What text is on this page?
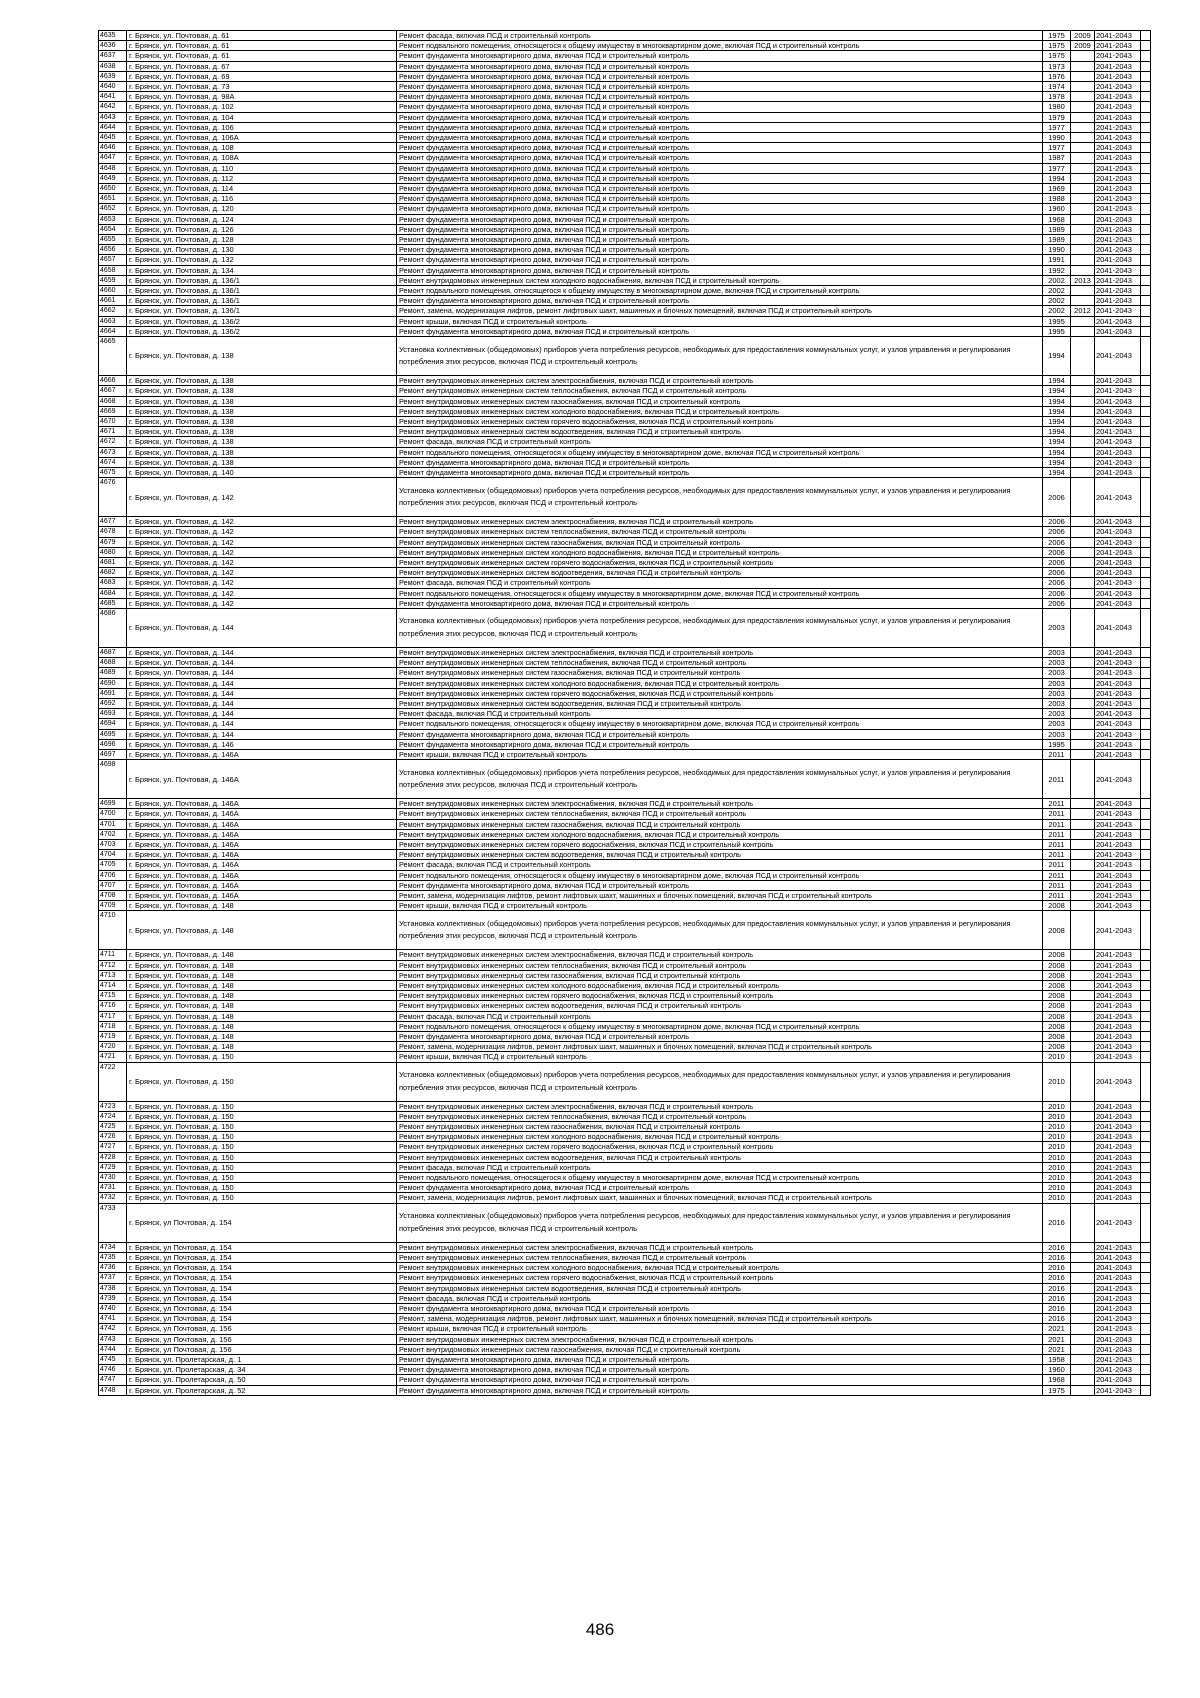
4635	г. Брянск, ул. Почтовая, д. 61	Ремонт фасада, включая ПСД и строительный контроль	1975	2009	2041-2043	
4636	г. Брянск, ул. Почтовая, д. 61	Ремонт подвального помещения, относящегося к общему имуществу в многоквартирном доме, включая ПСД и строительный контроль	1975	2009	2041-2043	
4637	г. Брянск, ул. Почтовая, д. 61	Ремонт фундамента многоквартирного дома, включая ПСД и строительный контроль	1975		2041-2043	
4638	г. Брянск, ул. Почтовая, д. 67	Ремонт фундамента многоквартирного дома, включая ПСД и строительный контроль	1973		2041-2043	
4639	г. Брянск, ул. Почтовая, д. 69	Ремонт фундамента многоквартирного дома, включая ПСД и строительный контроль	1976		2041-2043	
4640	г. Брянск, ул. Почтовая, д. 73	Ремонт фундамента многоквартирного дома, включая ПСД и строительный контроль	1974		2041-2043	
4641	г. Брянск, ул. Почтовая, д. 98А	Ремонт фундамента многоквартирного дома, включая ПСД и строительный контроль	1978		2041-2043	
4642	г. Брянск, ул. Почтовая, д. 102	Ремонт фундамента многоквартирного дома, включая ПСД и строительный контроль	1980		2041-2043	
4643	г. Брянск, ул. Почтовая, д. 104	Ремонт фундамента многоквартирного дома, включая ПСД и строительный контроль	1979		2041-2043	
4644	г. Брянск, ул. Почтовая, д. 106	Ремонт фундамента многоквартирного дома, включая ПСД и строительный контроль	1977		2041-2043	
4645	г. Брянск, ул. Почтовая, д. 106А	Ремонт фундамента многоквартирного дома, включая ПСД и строительный контроль	1990		2041-2043	
4646	г. Брянск, ул. Почтовая, д. 108	Ремонт фундамента многоквартирного дома, включая ПСД и строительный контроль	1977		2041-2043	
4647	г. Брянск, ул. Почтовая, д. 108А	Ремонт фундамента многоквартирного дома, включая ПСД и строительный контроль	1987		2041-2043	
4648	г. Брянск, ул. Почтовая, д. 110	Ремонт фундамента многоквартирного дома, включая ПСД и строительный контроль	1977		2041-2043	
4649	г. Брянск, ул. Почтовая, д. 112	Ремонт фундамента многоквартирного дома, включая ПСД и строительный контроль	1994		2041-2043	
4650	г. Брянск, ул. Почтовая, д. 114	Ремонт фундамента многоквартирного дома, включая ПСД и строительный контроль	1969		2041-2043	
4651	г. Брянск, ул. Почтовая, д. 116	Ремонт фундамента многоквартирного дома, включая ПСД и строительный контроль	1988		2041-2043	
4652	г. Брянск, ул. Почтовая, д. 120	Ремонт фундамента многоквартирного дома, включая ПСД и строительный контроль	1960		2041-2043	
4653	г. Брянск, ул. Почтовая, д. 124	Ремонт фундамента многоквартирного дома, включая ПСД и строительный контроль	1968		2041-2043	
4654	г. Брянск, ул. Почтовая, д. 126	Ремонт фундамента многоквартирного дома, включая ПСД и строительный контроль	1989		2041-2043	
4655	г. Брянск, ул. Почтовая, д. 128	Ремонт фундамента многоквартирного дома, включая ПСД и строительный контроль	1989		2041-2043	
4656	г. Брянск, ул. Почтовая, д. 130	Ремонт фундамента многоквартирного дома, включая ПСД и строительный контроль	1990		2041-2043	
4657	г. Брянск, ул. Почтовая, д. 132	Ремонт фундамента многоквартирного дома, включая ПСД и строительный контроль	1991		2041-2043	
4658	г. Брянск, ул. Почтовая, д. 134	Ремонт фундамента многоквартирного дома, включая ПСД и строительный контроль	1992		2041-2043	
4659	г. Брянск, ул. Почтовая, д. 136/1	Ремонт внутридомовых инженерных систем холодного водоснабжения, включая ПСД и строительный контроль	2002	2013	2041-2043	
4660	г. Брянск, ул. Почтовая, д. 136/1	Ремонт подвального помещения, относящегося к общему имуществу в многоквартирном доме, включая ПСД и строительный контроль	2002		2041-2043	
4661	г. Брянск, ул. Почтовая, д. 136/1	Ремонт фундамента многоквартирного дома, включая ПСД и строительный контроль	2002		2041-2043	
4662	г. Брянск, ул. Почтовая, д. 136/1	Ремонт, замена, модернизация лифтов, ремонт лифтовых шахт, машинных и блочных помещений, включая ПСД и строительный контроль	2002	2012	2041-2043	
4663	г. Брянск, ул. Почтовая, д. 136/2	Ремонт крыши, включая ПСД и строительный контроль	1995		2041-2043	
4664	г. Брянск, ул. Почтовая, д. 136/2	Ремонт фундамента многоквартирного дома, включая ПСД и строительный контроль	1995		2041-2043	
4665	г. Брянск, ул. Почтовая, д. 138	Установка коллективных (общедомовых) приборов учета потребления ресурсов, необходимых для предоставления коммунальных услуг, и узлов управления и регулирования потребления этих ресурсов, включая ПСД и строительный контроль	1994		2041-2043	
4666	г. Брянск, ул. Почтовая, д. 138	Ремонт внутридомовых инженерных систем электроснабжения, включая ПСД и строительный контроль	1994		2041-2043	
4667	г. Брянск, ул. Почтовая, д. 138	Ремонт внутридомовых инженерных систем теплоснабжения, включая ПСД и строительный контроль	1994		2041-2043	
4668	г. Брянск, ул. Почтовая, д. 138	Ремонт внутридомовых инженерных систем газоснабжения, включая ПСД и строительный контроль	1994		2041-2043	
4669	г. Брянск, ул. Почтовая, д. 138	Ремонт внутридомовых инженерных систем холодного водоснабжения, включая ПСД и строительный контроль	1994		2041-2043	
4670	г. Брянск, ул. Почтовая, д. 138	Ремонт внутридомовых инженерных систем горячего водоснабжения, включая ПСД и строительный контроль	1994		2041-2043	
4671	г. Брянск, ул. Почтовая, д. 138	Ремонт внутридомовых инженерных систем водоотведения, включая ПСД и строительный контроль	1994		2041-2043	
4672	г. Брянск, ул. Почтовая, д. 138	Ремонт фасада, включая ПСД и строительный контроль	1994		2041-2043	
4673	г. Брянск, ул. Почтовая, д. 138	Ремонт подвального помещения, относящегося к общему имуществу в многоквартирном доме, включая ПСД и строительный контроль	1994		2041-2043	
4674	г. Брянск, ул. Почтовая, д. 138	Ремонт фундамента многоквартирного дома, включая ПСД и строительный контроль	1994		2041-2043	
4675	г. Брянск, ул. Почтовая, д. 140	Ремонт фундамента многоквартирного дома, включая ПСД и строительный контроль	1994		2041-2043	
4676	г. Брянск, ул. Почтовая, д. 142	Установка коллективных (общедомовых) приборов учета потребления ресурсов, необходимых для предоставления коммунальных услуг, и узлов управления и регулирования потребления этих ресурсов, включая ПСД и строительный контроль	2006		2041-2043	
4677	г. Брянск, ул. Почтовая, д. 142	Ремонт внутридомовых инженерных систем электроснабжения, включая ПСД и строительный контроль	2006		2041-2043	
4678	г. Брянск, ул. Почтовая, д. 142	Ремонт внутридомовых инженерных систем теплоснабжения, включая ПСД и строительный контроль	2006		2041-2043	
4679	г. Брянск, ул. Почтовая, д. 142	Ремонт внутридомовых инженерных систем газоснабжения, включая ПСД и строительный контроль	2006		2041-2043	
4680	г. Брянск, ул. Почтовая, д. 142	Ремонт внутридомовых инженерных систем холодного водоснабжения, включая ПСД и строительный контроль	2006		2041-2043	
4681	г. Брянск, ул. Почтовая, д. 142	Ремонт внутридомовых инженерных систем горячего водоснабжения, включая ПСД и строительный контроль	2006		2041-2043	
4682	г. Брянск, ул. Почтовая, д. 142	Ремонт внутридомовых инженерных систем водоотведения, включая ПСД и строительный контроль	2006		2041-2043	
4683	г. Брянск, ул. Почтовая, д. 142	Ремонт фасада, включая ПСД и строительный контроль	2006		2041-2043	
4684	г. Брянск, ул. Почтовая, д. 142	Ремонт подвального помещения, относящегося к общему имуществу в многоквартирном доме, включая ПСД и строительный контроль	2006		2041-2043	
4685	г. Брянск, ул. Почтовая, д. 142	Ремонт фундамента многоквартирного дома, включая ПСД и строительный контроль	2006		2041-2043	
4686	г. Брянск, ул. Почтовая, д. 144	Установка коллективных (общедомовых) приборов учета потребления ресурсов, необходимых для предоставления коммунальных услуг, и узлов управления и регулирования потребления этих ресурсов, включая ПСД и строительный контроль	2003		2041-2043	
4687	г. Брянск, ул. Почтовая, д. 144	Ремонт внутридомовых инженерных систем электроснабжения, включая ПСД и строительный контроль	2003		2041-2043	
4688	г. Брянск, ул. Почтовая, д. 144	Ремонт внутридомовых инженерных систем теплоснабжения, включая ПСД и строительный контроль	2003		2041-2043	
4689	г. Брянск, ул. Почтовая, д. 144	Ремонт внутридомовых инженерных систем газоснабжения, включая ПСД и строительный контроль	2003		2041-2043	
4690	г. Брянск, ул. Почтовая, д. 144	Ремонт внутридомовых инженерных систем холодного водоснабжения, включая ПСД и строительный контроль	2003		2041-2043	
4691	г. Брянск, ул. Почтовая, д. 144	Ремонт внутридомовых инженерных систем горячего водоснабжения, включая ПСД и строительный контроль	2003		2041-2043	
4692	г. Брянск, ул. Почтовая, д. 144	Ремонт внутридомовых инженерных систем водоотведения, включая ПСД и строительный контроль	2003		2041-2043	
4693	г. Брянск, ул. Почтовая, д. 144	Ремонт фасада, включая ПСД и строительный контроль	2003		2041-2043	
4694	г. Брянск, ул. Почтовая, д. 144	Ремонт подвального помещения, относящегося к общему имуществу в многоквартирном доме, включая ПСД и строительный контроль	2003		2041-2043	
4695	г. Брянск, ул. Почтовая, д. 144	Ремонт фундамента многоквартирного дома, включая ПСД и строительный контроль	2003		2041-2043	
4696	г. Брянск, ул. Почтовая, д. 146	Ремонт фундамента многоквартирного дома, включая ПСД и строительный контроль	1995		2041-2043	
4697	г. Брянск, ул. Почтовая, д. 146А	Ремонт крыши, включая ПСД и строительный контроль	2011		2041-2043	
4698	г. Брянск, ул. Почтовая, д. 146А	Установка коллективных (общедомовых) приборов учета потребления ресурсов, необходимых для предоставления коммунальных услуг, и узлов управления и регулирования потребления этих ресурсов, включая ПСД и строительный контроль	2011		2041-2043	
4699	г. Брянск, ул. Почтовая, д. 146А	Ремонт внутридомовых инженерных систем электроснабжения, включая ПСД и строительный контроль	2011		2041-2043	
4700	г. Брянск, ул. Почтовая, д. 146А	Ремонт внутридомовых инженерных систем теплоснабжения, включая ПСД и строительный контроль	2011		2041-2043	
4701	г. Брянск, ул. Почтовая, д. 146А	Ремонт внутридомовых инженерных систем газоснабжения, включая ПСД и строительный контроль	2011		2041-2043	
4702	г. Брянск, ул. Почтовая, д. 146А	Ремонт внутридомовых инженерных систем холодного водоснабжения, включая ПСД и строительный контроль	2011		2041-2043	
4703	г. Брянск, ул. Почтовая, д. 146А	Ремонт внутридомовых инженерных систем горячего водоснабжения, включая ПСД и строительный контроль	2011		2041-2043	
4704	г. Брянск, ул. Почтовая, д. 146А	Ремонт внутридомовых инженерных систем водоотведения, включая ПСД и строительный контроль	2011		2041-2043	
4705	г. Брянск, ул. Почтовая, д. 146А	Ремонт фасада, включая ПСД и строительный контроль	2011		2041-2043	
4706	г. Брянск, ул. Почтовая, д. 146А	Ремонт подвального помещения, относящегося к общему имуществу в многоквартирном доме, включая ПСД и строительный контроль	2011		2041-2043	
4707	г. Брянск, ул. Почтовая, д. 146А	Ремонт фундамента многоквартирного дома, включая ПСД и строительный контроль	2011		2041-2043	
4708	г. Брянск, ул. Почтовая, д. 146А	Ремонт, замена, модернизация лифтов, ремонт лифтовых шахт, машинных и блочных помещений, включая ПСД и строительный контроль	2011		2041-2043	
4709	г. Брянск, ул. Почтовая, д. 148	Ремонт крыши, включая ПСД и строительный контроль	2008		2041-2043	
4710	г. Брянск, ул. Почтовая, д. 148	Установка коллективных (общедомовых) приборов учета потребления ресурсов, необходимых для предоставления коммунальных услуг, и узлов управления и регулирования потребления этих ресурсов, включая ПСД и строительный контроль	2008		2041-2043	
4711	г. Брянск, ул. Почтовая, д. 148	Ремонт внутридомовых инженерных систем электроснабжения, включая ПСД и строительный контроль	2008		2041-2043	
4712	г. Брянск, ул. Почтовая, д. 148	Ремонт внутридомовых инженерных систем теплоснабжения, включая ПСД и строительный контроль	2008		2041-2043	
4713	г. Брянск, ул. Почтовая, д. 148	Ремонт внутридомовых инженерных систем газоснабжения, включая ПСД и строительный контроль	2008		2041-2043	
4714	г. Брянск, ул. Почтовая, д. 148	Ремонт внутридомовых инженерных систем холодного водоснабжения, включая ПСД и строительный контроль	2008		2041-2043	
4715	г. Брянск, ул. Почтовая, д. 148	Ремонт внутридомовых инженерных систем горячего водоснабжения, включая ПСД и строительный контроль	2008		2041-2043	
4716	г. Брянск, ул. Почтовая, д. 148	Ремонт внутридомовых инженерных систем водоотведения, включая ПСД и строительный контроль	2008		2041-2043	
4717	г. Брянск, ул. Почтовая, д. 148	Ремонт фасада, включая ПСД и строительный контроль	2008		2041-2043	
4718	г. Брянск, ул. Почтовая, д. 148	Ремонт подвального помещения, относящегося к общему имуществу в многоквартирном доме, включая ПСД и строительный контроль	2008		2041-2043	
4719	г. Брянск, ул. Почтовая, д. 148	Ремонт фундамента многоквартирного дома, включая ПСД и строительный контроль	2008		2041-2043	
4720	г. Брянск, ул. Почтовая, д. 148	Ремонт, замена, модернизация лифтов, ремонт лифтовых шахт, машинных и блочных помещений, включая ПСД и строительный контроль	2008		2041-2043	
4721	г. Брянск, ул. Почтовая, д. 150	Ремонт крыши, включая ПСД и строительный контроль	2010		2041-2043	
4722	г. Брянск, ул. Почтовая, д. 150	Установка коллективных (общедомовых) приборов учета потребления ресурсов, необходимых для предоставления коммунальных услуг, и узлов управления и регулирования потребления этих ресурсов, включая ПСД и строительный контроль	2010		2041-2043	
4723	г. Брянск, ул. Почтовая, д. 150	Ремонт внутридомовых инженерных систем электроснабжения, включая ПСД и строительный контроль	2010		2041-2043	
4724	г. Брянск, ул. Почтовая, д. 150	Ремонт внутридомовых инженерных систем теплоснабжения, включая ПСД и строительный контроль	2010		2041-2043	
4725	г. Брянск, ул. Почтовая, д. 150	Ремонт внутридомовых инженерных систем газоснабжения, включая ПСД и строительный контроль	2010		2041-2043	
4726	г. Брянск, ул. Почтовая, д. 150	Ремонт внутридомовых инженерных систем холодного водоснабжения, включая ПСД и строительный контроль	2010		2041-2043	
4727	г. Брянск, ул. Почтовая, д. 150	Ремонт внутридомовых инженерных систем горячего водоснабжения, включая ПСД и строительный контроль	2010		2041-2043	
4728	г. Брянск, ул. Почтовая, д. 150	Ремонт внутридомовых инженерных систем водоотведения, включая ПСД и строительный контроль	2010		2041-2043	
4729	г. Брянск, ул. Почтовая, д. 150	Ремонт фасада, включая ПСД и строительный контроль	2010		2041-2043	
4730	г. Брянск, ул. Почтовая, д. 150	Ремонт подвального помещения, относящегося к общему имуществу в многоквартирном доме, включая ПСД и строительный контроль	2010		2041-2043	
4731	г. Брянск, ул. Почтовая, д. 150	Ремонт фундамента многоквартирного дома, включая ПСД и строительный контроль	2010		2041-2043	
4732	г. Брянск, ул. Почтовая, д. 150	Ремонт, замена, модернизация лифтов, ремонт лифтовых шахт, машинных и блочных помещений, включая ПСД и строительный контроль	2010		2041-2043	
4733	г. Брянск, ул Почтовая, д. 154	Установка коллективных (общедомовых) приборов учета потребления ресурсов, необходимых для предоставления коммунальных услуг, и узлов управления и регулирования потребления этих ресурсов, включая ПСД и строительный контроль	2016		2041-2043	
4734	г. Брянск, ул Почтовая, д. 154	Ремонт внутридомовых инженерных систем электроснабжения, включая ПСД и строительный контроль	2016		2041-2043	
4735	г. Брянск, ул Почтовая, д. 154	Ремонт внутридомовых инженерных систем теплоснабжения, включая ПСД и строительный контроль	2016		2041-2043	
4736	г. Брянск, ул Почтовая, д. 154	Ремонт внутридомовых инженерных систем холодного водоснабжения, включая ПСД и строительный контроль	2016		2041-2043	
4737	г. Брянск, ул Почтовая, д. 154	Ремонт внутридомовых инженерных систем горячего водоснабжения, включая ПСД и строительный контроль	2016		2041-2043	
4738	г. Брянск, ул Почтовая, д. 154	Ремонт внутридомовых инженерных систем водоотведения, включая ПСД и строительный контроль	2016		2041-2043	
4739	г. Брянск, ул Почтовая, д. 154	Ремонт фасада, включая ПСД и строительный контроль	2016		2041-2043	
4740	г. Брянск, ул Почтовая, д. 154	Ремонт фундамента многоквартирного дома, включая ПСД и строительный контроль	2016		2041-2043	
4741	г. Брянск, ул Почтовая, д. 154	Ремонт, замена, модернизация лифтов, ремонт лифтовых шахт, машинных и блочных помещений, включая ПСД и строительный контроль	2016		2041-2043	
4742	г. Брянск, ул Почтовая, д. 156	Ремонт крыши, включая ПСД и строительный контроль	2021		2041-2043	
4743	г. Брянск, ул Почтовая, д. 156	Ремонт внутридомовых инженерных систем электроснабжения, включая ПСД и строительный контроль	2021		2041-2043	
4744	г. Брянск, ул Почтовая, д. 156	Ремонт внутридомовых инженерных систем газоснабжения, включая ПСД и строительный контроль	2021		2041-2043	
4745	г. Брянск, ул. Пролетарская, д. 1	Ремонт фундамента многоквартирного дома, включая ПСД и строительный контроль	1958		2041-2043	
4746	г. Брянск, ул. Пролетарская, д. 34	Ремонт фундамента многоквартирного дома, включая ПСД и строительный контроль	1960		2041-2043	
4747	г. Брянск, ул. Пролетарская, д. 50	Ремонт фундамента многоквартирного дома, включая ПСД и строительный контроль	1968		2041-2043	
4748	г. Брянск, ул. Пролетарская, д. 52	Ремонт фундамента многоквартирного дома, включая ПСД и строительный контроль	1975		2041-2043	
486
